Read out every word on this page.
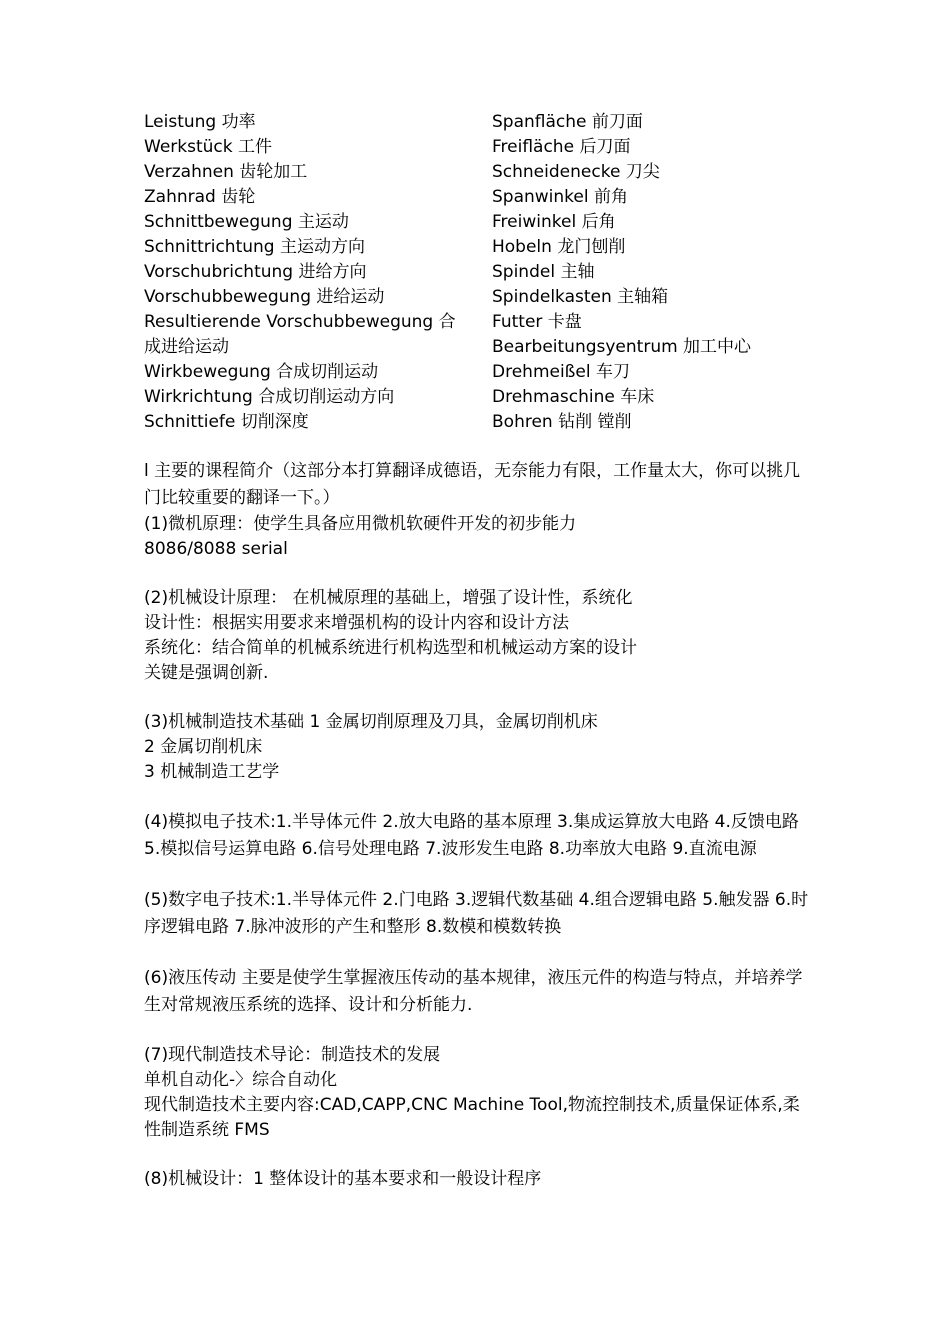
Leistung 功率
Werkstück 工件
Verzahnen 齿轮加工
Zahnrad 齿轮
Schnittbewegung 主运动
Schnittrichtung 主运动方向
Vorschubrichtung 进给方向
Vorschubbewegung 进给运动
Resultierende Vorschubbewegung 合成进给运动
Wirkbewegung 合成切削运动
Wirkrichtung 合成切削运动方向
Schnittiefe 切削深度
Spanfläche 前刀面
Freifläche 后刀面
Schneidenecke 刀尖
Spanwinkel 前角
Freiwinkel 后角
Hobeln 龙门刨削
Spindel 主轴
Spindelkasten 主轴箱
Futter 卡盘
Bearbeitungsyentrum 加工中心
Drehmeißel 车刀
Drehmaschine 车床
Bohren 钻削 镗削
l 主要的课程简介（这部分本打算翻译成德语，无奈能力有限，工作量太大，你可以挑几门比较重要的翻译一下。）
(1)微机原理：使学生具备应用微机软硬件开发的初步能力
8086/8088 serial
(2)机械设计原理： 在机械原理的基础上，增强了设计性，系统化
设计性：根据实用要求来增强机构的设计内容和设计方法
系统化：结合简单的机械系统进行机构选型和机械运动方案的设计
关键是强调创新.
(3)机械制造技术基础 1 金属切削原理及刀具，金属切削机床
2 金属切削机床
3 机械制造工艺学
(4)模拟电子技术:1.半导体元件 2.放大电路的基本原理 3.集成运算放大电路 4.反馈电路 5.模拟信号运算电路 6.信号处理电路 7.波形发生电路 8.功率放大电路 9.直流电源
(5)数字电子技术:1.半导体元件 2.门电路 3.逻辑代数基础 4.组合逻辑电路 5.触发器 6.时序逻辑电路 7.脉冲波形的产生和整形 8.数模和模数转换
(6)液压传动 主要是使学生掌握液压传动的基本规律，液压元件的构造与特点，并培养学生对常规液压系统的选择、设计和分析能力.
(7)现代制造技术导论：制造技术的发展
单机自动化-〉综合自动化
现代制造技术主要内容:CAD,CAPP,CNC Machine Tool,物流控制技术,质量保证体系,柔性制造系统 FMS
(8)机械设计：1 整体设计的基本要求和一般设计程序
